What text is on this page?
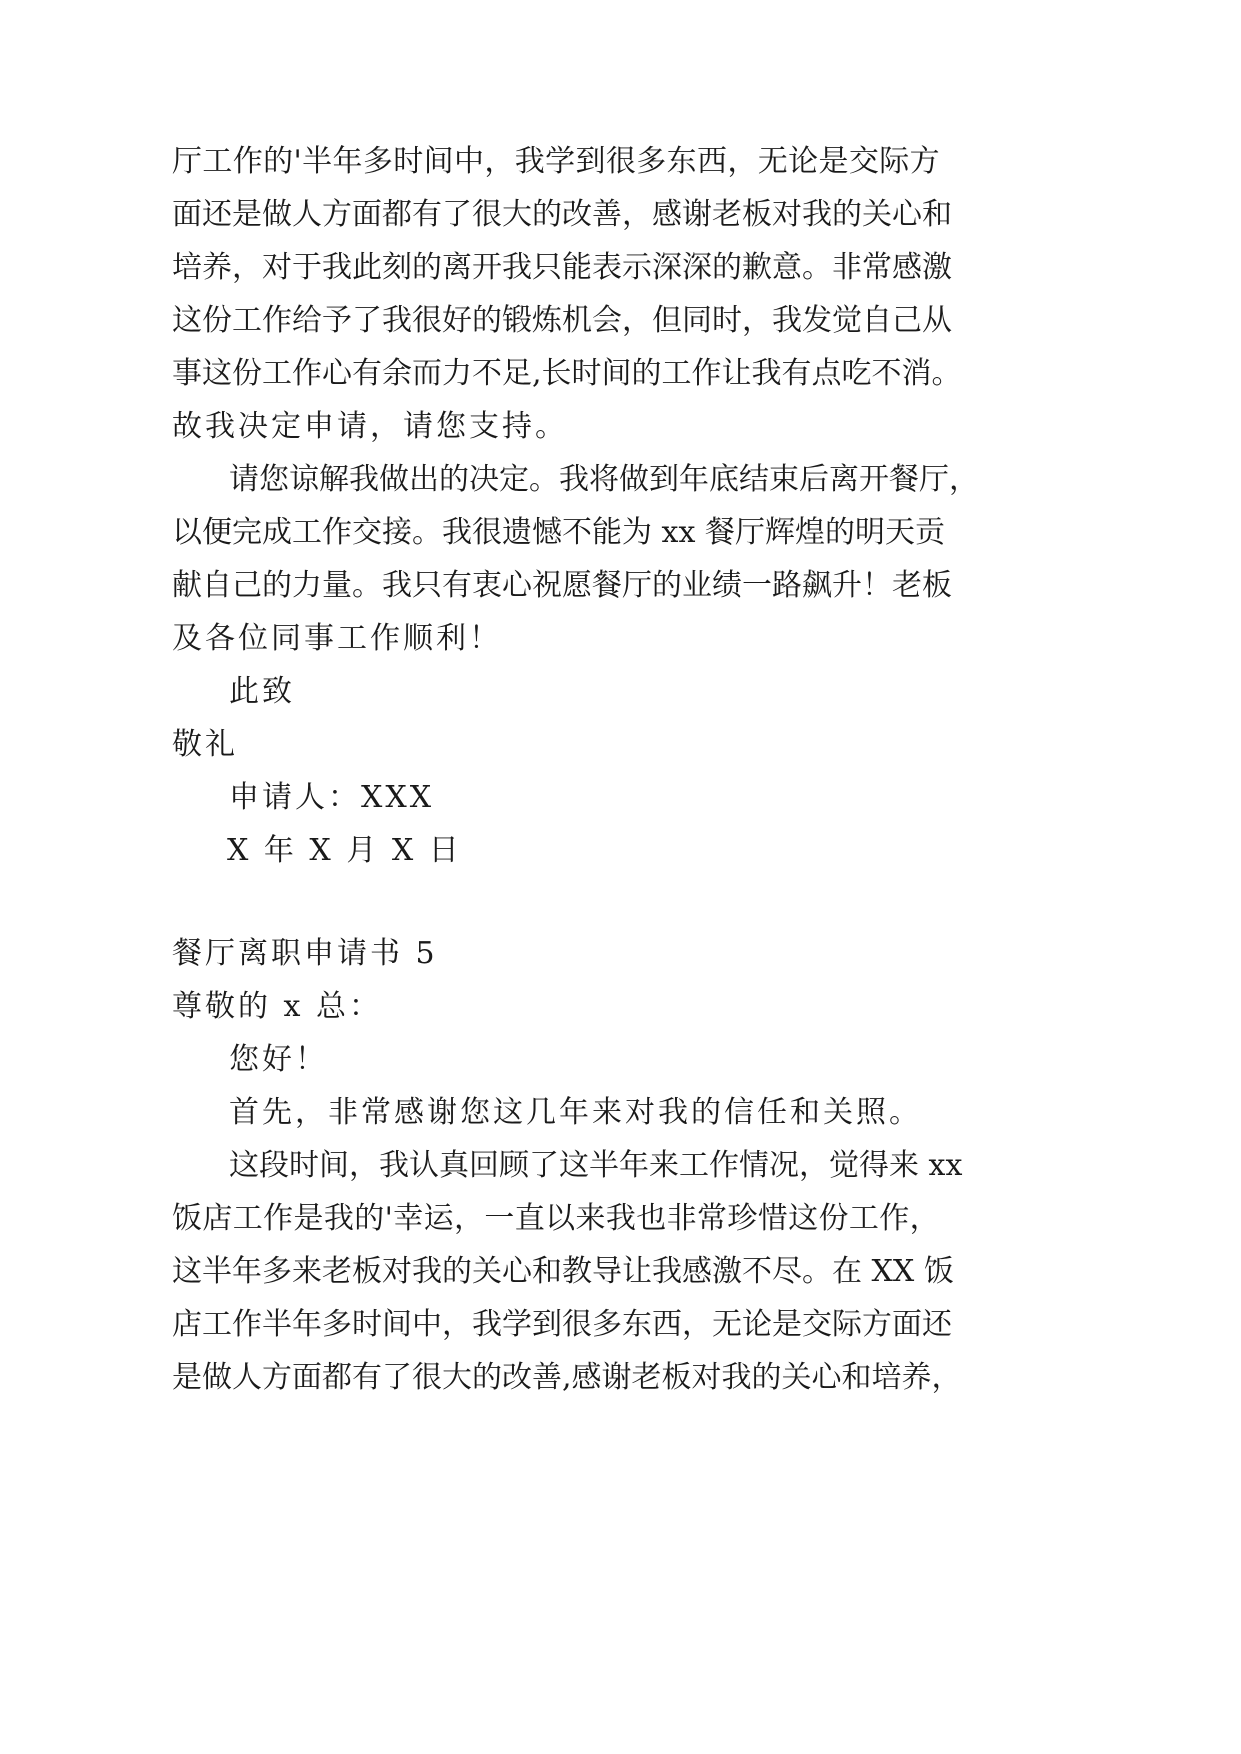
厅 工 作 的 ' 半 年 多 时 间 中 ， 我 学 到 很 多 东 西 ， 无 论 是 交 际 方
面 还 是 做 人 方 面 都 有 了 很 大 的 改 善 ， 感 谢 老 板 对 我 的 关 心 和
培 养 ， 对 于 我 此 刻 的 离 开 我 只 能 表 示 深 深 的 歉 意 。 非 常 感 激
这 份 工 作 给 予 了 我 很 好 的 锻 炼 机 会 ， 但 同 时 ， 我 发 觉 自 己 从
事 这 份 工 作 心 有 余 而 力 不 足 , 长 时 间 的 工 作 让 我 有 点 吃 不 消 。
故我决定申请，请您支持。
请 您 谅 解 我 做 出 的 决 定 。 我 将 做 到 年 底 结 束 后 离 开 餐 厅 ，
以 便 完 成 工 作 交 接 。 我 很 遗 憾 不 能 为
x x
餐 厅 辉 煌 的 明 天 贡
献 自 己 的 力 量 。 我 只 有 衷 心 祝 愿 餐 厅 的 业 绩 一 路 飙 升 ！ 老 板
及各位同事工作顺利！
此致
敬礼
申请人：XXX
X 年 X 月 X 日
餐厅离职申请书 5
尊敬的 x 总：
您好！
首先，非常感谢您这几年来对我的信任和关照。
这 段 时 间 ， 我 认 真 回 顾 了 这 半 年 来 工 作 情 况 ， 觉 得 来
x x
饭 店 工 作 是 我 的 ' 幸 运 ， 一 直 以 来 我 也 非 常 珍 惜 这 份 工 作 ，
这 半 年 多 来 老 板 对 我 的 关 心 和 教 导 让 我 感 激 不 尽 。 在
X X
饭
店 工 作 半 年 多 时 间 中 ， 我 学 到 很 多 东 西 ， 无 论 是 交 际 方 面 还
是 做 人 方 面 都 有 了 很 大 的 改 善 , 感 谢 老 板 对 我 的 关 心 和 培 养 ，
